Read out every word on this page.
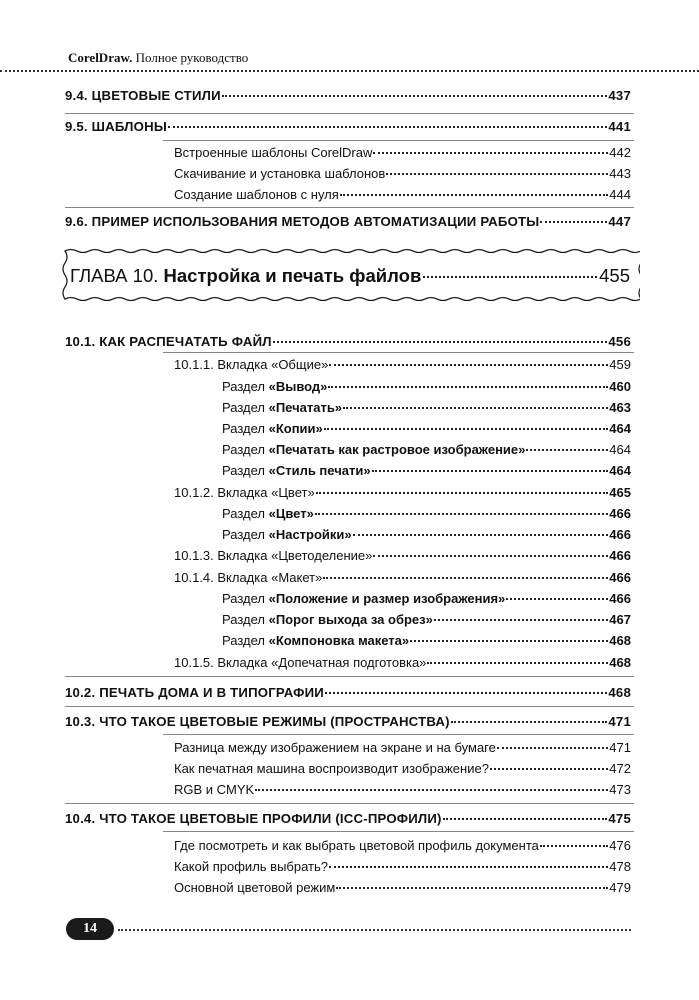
CorelDraw. Полное руководство
9.4. ЦВЕТОВЫЕ СТИЛИ	437
9.5. ШАБЛОНЫ	441
Встроенные шаблоны CorelDraw	442
Скачивание и установка шаблонов	443
Создание шаблонов с нуля	444
9.6. ПРИМЕР ИСПОЛЬЗОВАНИЯ МЕТОДОВ АВТОМАТИЗАЦИИ РАБОТЫ	447
ГЛАВА 10.
Настройка и печать файлов	455
10.1. КАК РАСПЕЧАТАТЬ ФАЙЛ	456
10.1.1. Вкладка «Общие»	459
Раздел «Вывод»	460
Раздел «Печатать»	463
Раздел «Копии»	464
Раздел «Печатать как растровое изображение»	464
Раздел «Стиль печати»	464
10.1.2. Вкладка «Цвет»	465
Раздел «Цвет»	466
Раздел «Настройки»	466
10.1.3. Вкладка «Цветоделение»	466
10.1.4. Вкладка «Макет»	466
Раздел «Положение и размер изображения»	466
Раздел «Порог выхода за обрез»	467
Раздел «Компоновка макета»	468
10.1.5. Вкладка «Допечатная подготовка»	468
10.2. ПЕЧАТЬ ДОМА И В ТИПОГРАФИИ	468
10.3. ЧТО ТАКОЕ ЦВЕТОВЫЕ РЕЖИМЫ (ПРОСТРАНСТВА)	471
Разница между изображением на экране и на бумаге	471
Как печатная машина воспроизводит изображение?	472
RGB и CMYK	473
10.4. ЧТО ТАКОЕ ЦВЕТОВЫЕ ПРОФИЛИ (ICC-ПРОФИЛИ)	475
Где посмотреть и как выбрать цветовой профиль документа	476
Какой профиль выбрать?	478
Основной цветовой режим	479
14
